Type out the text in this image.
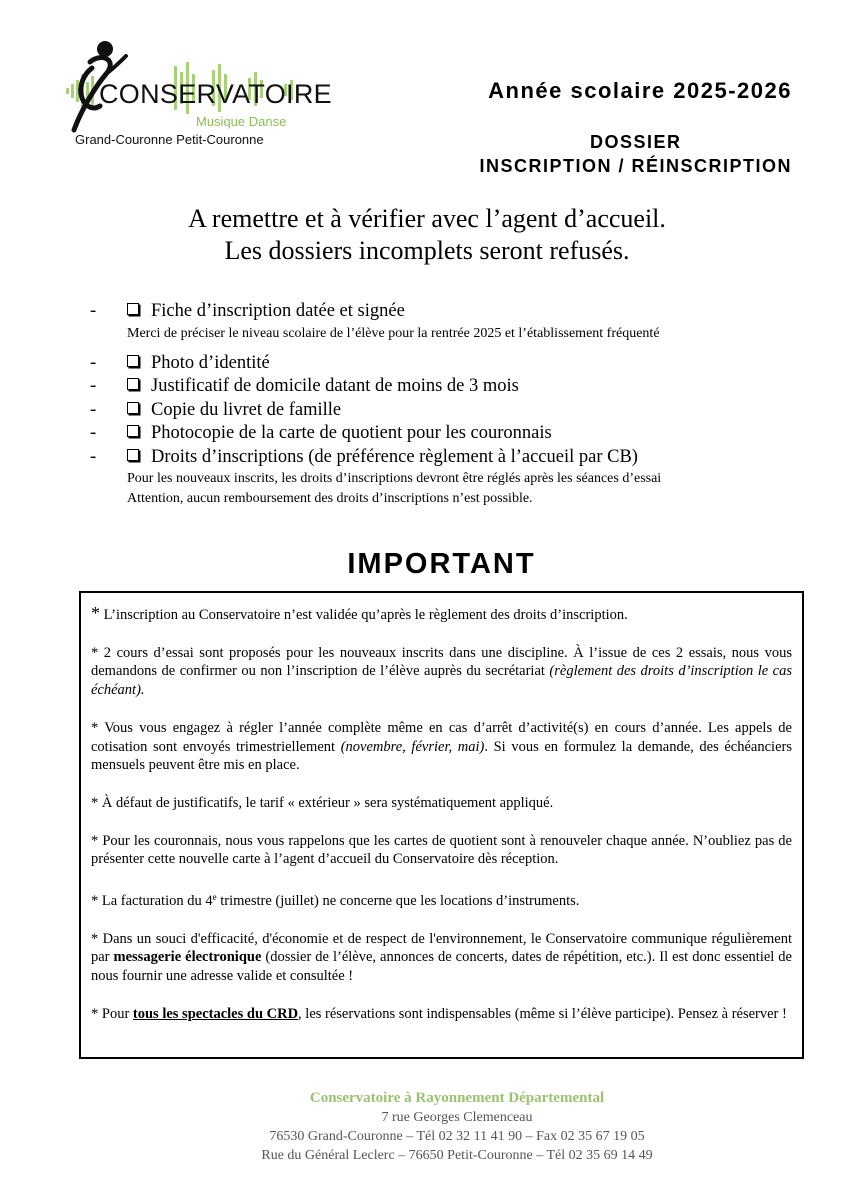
CONSERVATOIRE
Musique Danse
Grand-Couronne Petit-Couronne
Année scolaire 2025-2026
DOSSIER
INSCRIPTION / RÉINSCRIPTION
A remettre et à vérifier avec l’agent d’accueil.
Les dossiers incomplets seront refusés.
-	Fiche d’inscription datée et signée
Merci de préciser le niveau scolaire de l’élève pour la rentrée 2025 et l’établissement fréquenté
-	Photo d’identité
-	Justificatif de domicile datant de moins de 3 mois
-	Copie du livret de famille
-	Photocopie de la carte de quotient pour les couronnais
-	Droits d’inscriptions (de préférence règlement à l’accueil par CB)
Pour les nouveaux inscrits, les droits d’inscriptions devront être réglés après les séances d’essai
Attention, aucun remboursement des droits d’inscriptions n’est possible.
IMPORTANT

* L’inscription au Conservatoire n’est validée qu’après le règlement des droits d’inscription.

* 2 cours d’essai sont proposés pour les nouveaux inscrits dans une discipline. À l’issue de ces 2 essais, nous vous demandons de confirmer ou non l’inscription de l’élève auprès du secrétariat (règlement des droits d’inscription le cas échéant).

* Vous vous engagez à régler l’année complète même en cas d’arrêt d’activité(s) en cours d’année. Les appels de cotisation sont envoyés trimestriellement (novembre, février, mai). Si vous en formulez la demande, des échéanciers mensuels peuvent être mis en place.

* À défaut de justificatifs, le tarif « extérieur » sera systématiquement appliqué.

* Pour les couronnais, nous vous rappelons que les cartes de quotient sont à renouveler chaque année. N’oubliez pas de présenter cette nouvelle carte à l’agent d’accueil du Conservatoire dès réception.

* La facturation du 4e trimestre (juillet) ne concerne que les locations d’instruments.

* Dans un souci d'efficacité, d'économie et de respect de l'environnement, le Conservatoire communique régulièrement par messagerie électronique (dossier de l’élève, annonces de concerts, dates de répétition, etc.). Il est donc essentiel de nous fournir une adresse valide et consultée !

* Pour tous les spectacles du CRD, les réservations sont indispensables (même si l’élève participe). Pensez à réserver !

Conservatoire à Rayonnement Départemental
7 rue Georges Clemenceau
76530 Grand-Couronne – Tél 02 32 11 41 90 – Fax 02 35 67 19 05
Rue du Général Leclerc – 76650 Petit-Couronne – Tél 02 35 69 14 49
